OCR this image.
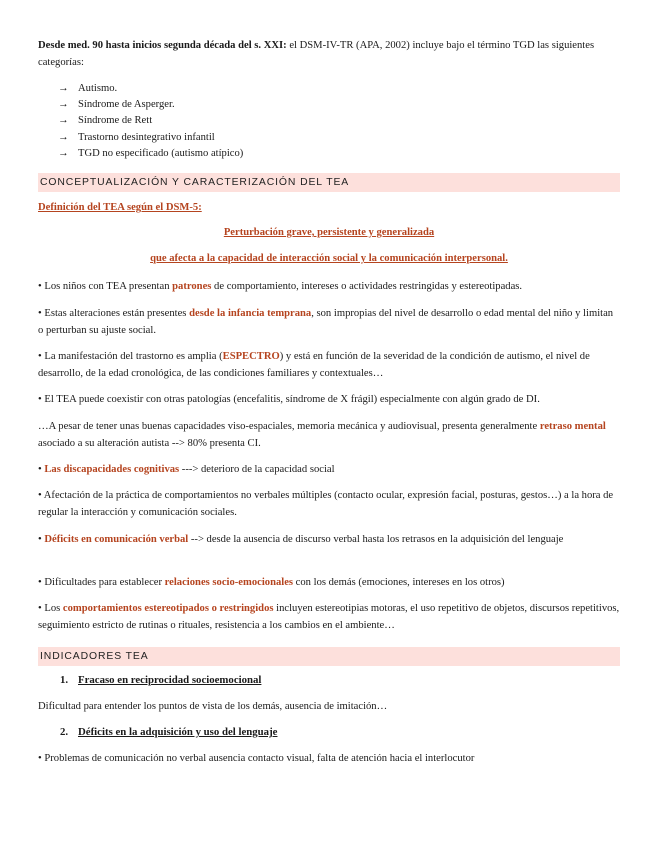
Desde med. 90 hasta inicios segunda década del s. XXI: el DSM-IV-TR (APA, 2002) incluye bajo el término TGD las siguientes categorías:

→ Autismo.
→ Síndrome de Asperger.
→ Síndrome de Rett
→ Trastorno desintegrativo infantil
→ TGD no especificado (autismo atípico)
CONCEPTUALIZACIÓN Y CARACTERIZACIÓN DEL TEA

Definición del TEA según el DSM-5:

Perturbación grave, persistente y generalizada

que afecta a la capacidad de interacción social y la comunicación interpersonal.

• Los niños con TEA presentan patrones de comportamiento, intereses o actividades restringidas y estereotipadas.

• Estas alteraciones están presentes desde la infancia temprana, son impropias del nivel de desarrollo o edad mental del niño y limitan o perturban su ajuste social.

• La manifestación del trastorno es amplia (ESPECTRO) y está en función de la severidad de la condición de autismo, el nivel de desarrollo, de la edad cronológica, de las condiciones familiares y contextuales…

• El TEA puede coexistir con otras patologías (encefalitis, síndrome de X frágil) especialmente con algún grado de DI.

…A pesar de tener unas buenas capacidades viso-espaciales, memoria mecánica y audiovisual, presenta generalmente retraso mental asociado a su alteración autista --> 80% presenta CI.

• Las discapacidades cognitivas ---> deterioro de la capacidad social

• Afectación de la práctica de comportamientos no verbales múltiples (contacto ocular, expresión facial, posturas, gestos…) a la hora de regular la interacción y comunicación sociales.

• Déficits en comunicación verbal --> desde la ausencia de discurso verbal hasta los retrasos en la adquisición del lenguaje

• Dificultades para establecer relaciones socio-emocionales con los demás (emociones, intereses en los otros)

• Los comportamientos estereotipados o restringidos incluyen estereotipias motoras, el uso repetitivo de objetos, discursos repetitivos, seguimiento estricto de rutinas o rituales, resistencia a los cambios en el ambiente…

INDICADORES TEA
1. Fracaso en reciprocidad socioemocional

Dificultad para entender los puntos de vista de los demás, ausencia de imitación…

2. Déficits en la adquisición y uso del lenguaje

• Problemas de comunicación no verbal ausencia contacto visual, falta de atención hacia el interlocutor
